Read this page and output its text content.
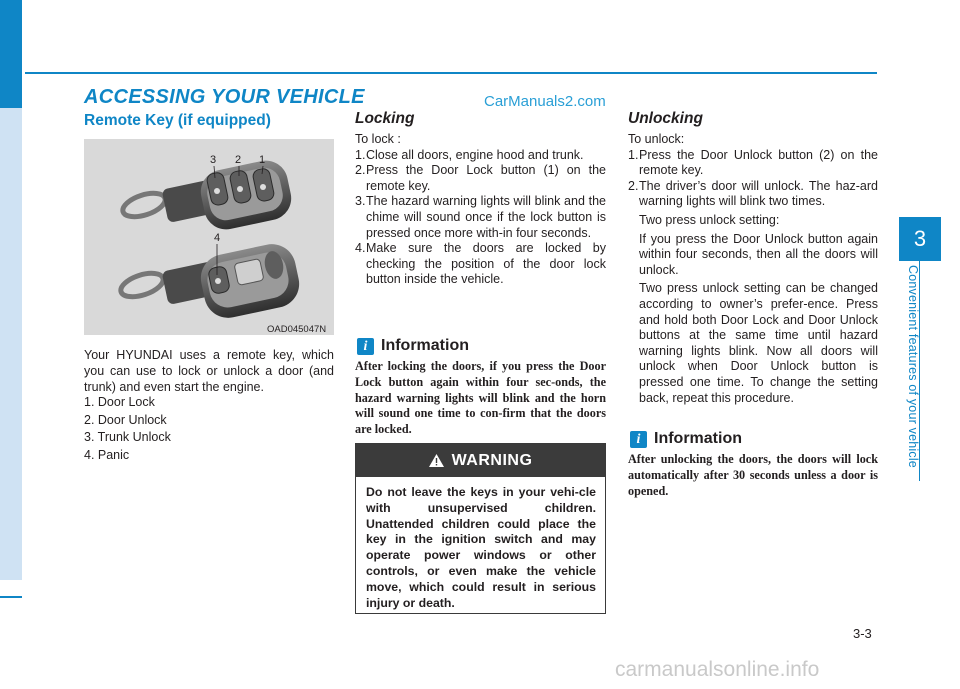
3
Convenient features of your vehicle
ACCESSING YOUR VEHICLE	CarManuals2.com
Remote Key (if equipped)
3 2 1
4
OAD045047N
Your HYUNDAI uses a remote key, which you can use to lock or unlock a door (and trunk) and even start the engine.
1. Door Lock
2. Door Unlock
3. Trunk Unlock
4. Panic
Locking
To lock :
1. Close all doors, engine hood and trunk.
2. Press the Door Lock button (1) on the remote key.
3. The hazard warning lights will blink and the chime will sound once if the lock button is pressed once more with-in four seconds.
4. Make sure the doors are locked by checking the position of the door lock button inside the vehicle.
i Information
After locking the doors, if you press the Door Lock button again within four sec-onds, the hazard warning lights will blink and the horn will sound one time to con-firm that the doors are locked.
WARNING
Do not leave the keys in your vehi-cle with unsupervised children. Unattended children could place the key in the ignition switch and may operate power windows or other controls, or even make the vehicle move, which could result in serious injury or death.
Unlocking
To unlock:
1. Press the Door Unlock button (2) on the remote key.
2. The driver’s door will unlock. The haz-ard warning lights will blink two times.
Two press unlock setting:
If you press the Door Unlock button again within four seconds, then all the doors will unlock.
Two press unlock setting can be changed according to owner’s prefer-ence. Press and hold both Door Lock and Door Unlock buttons at the same time until hazard warning lights blink. Now all doors will unlock when Door Unlock button is pressed one time. To change the setting back, repeat this procedure.
i Information
After unlocking the doors, the doors will lock automatically after 30 seconds unless a door is opened.
3-3
carmanualsonline.info
